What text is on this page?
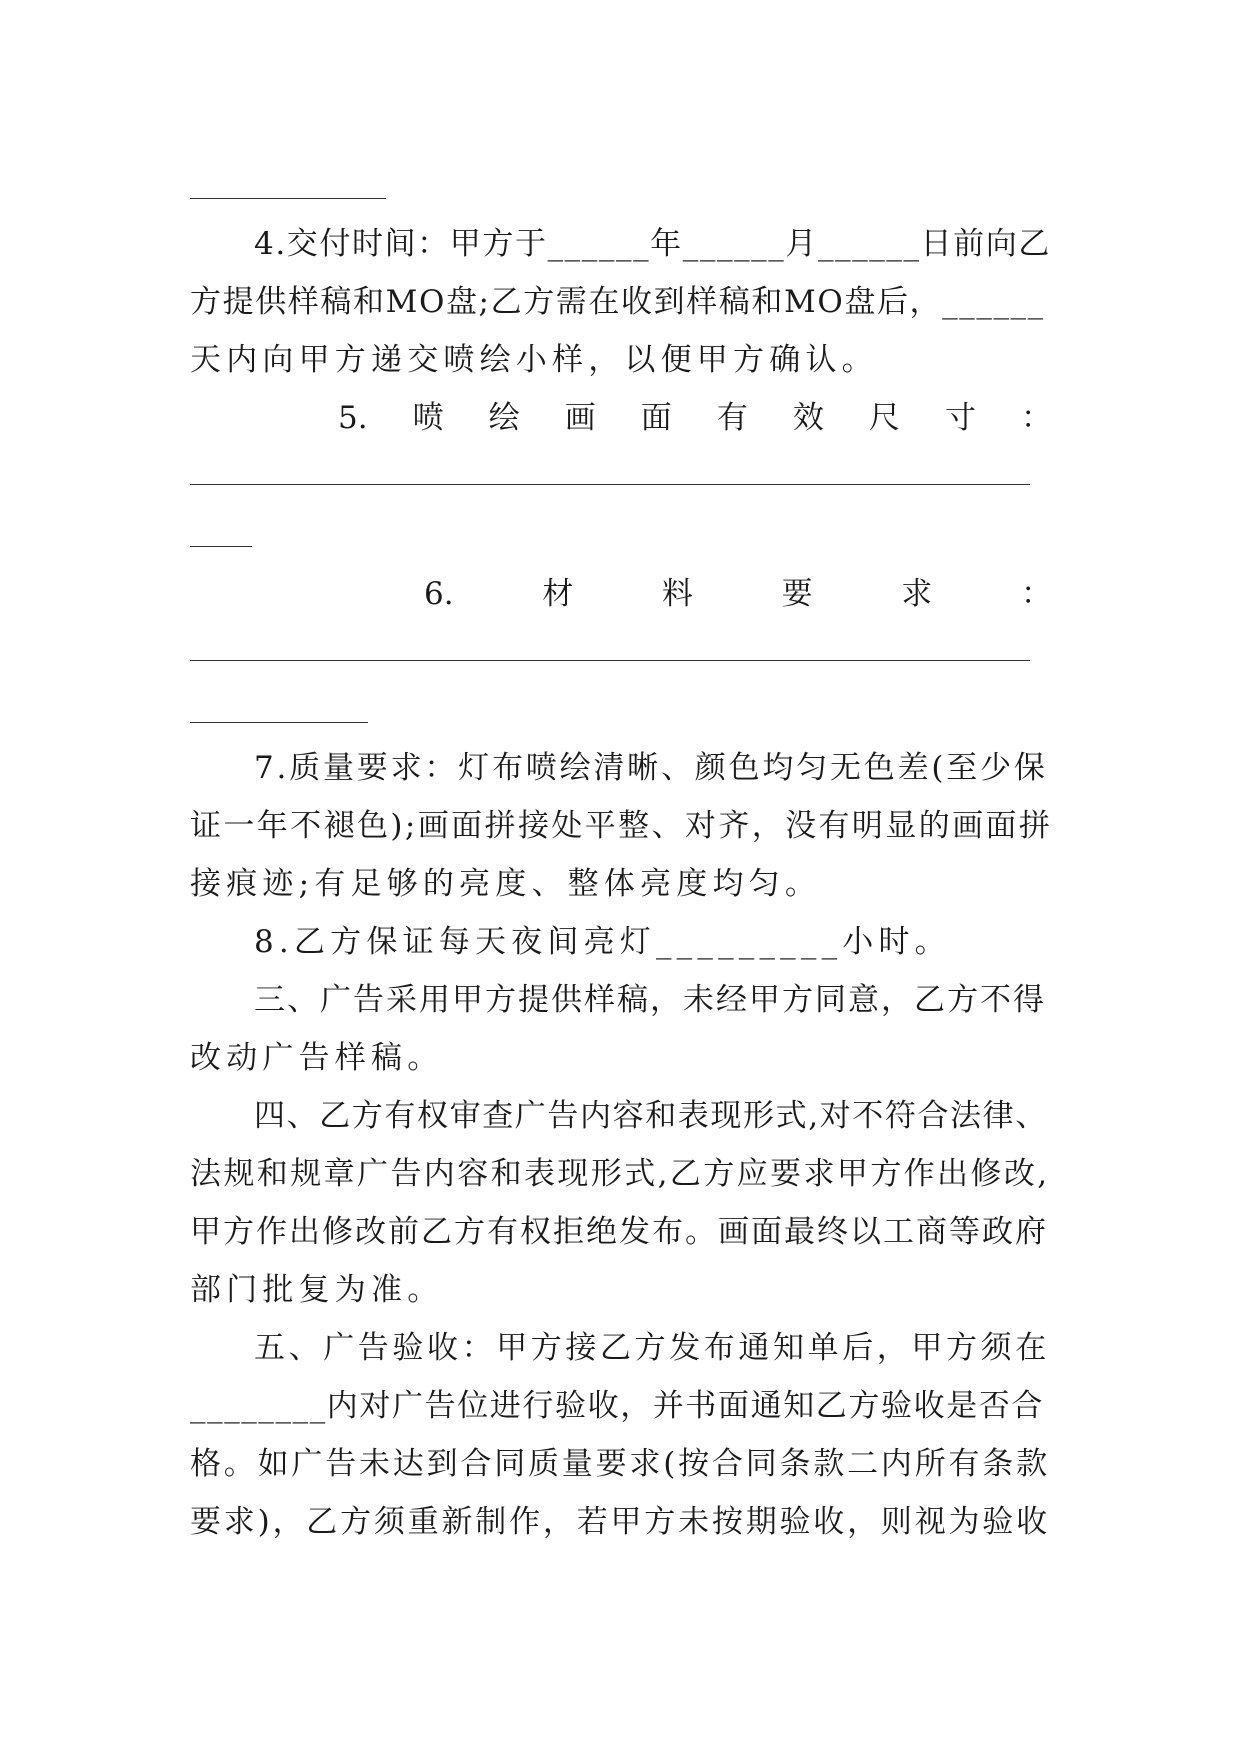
4.交付时间：甲方于______年______月______日前向乙
方提供样稿和MO盘;乙方需在收到样稿和MO盘后，______
天内向甲方递交喷绘小样，以便甲方确认。
5. 喷 绘 画 面 有 效 尺 寸 ：
6.	材	料	要	求	：
7.质量要求：灯布喷绘清晰、颜色均匀无色差(至少保
证一年不褪色);画面拼接处平整、对齐，没有明显的画面拼
接痕迹;有足够的亮度、整体亮度均匀。
8.乙方保证每天夜间亮灯_________小时。
三、广告采用甲方提供样稿，未经甲方同意，乙方不得
改动广告样稿。
四、乙方有权审查广告内容和表现形式,对不符合法律、
法规和规章广告内容和表现形式,乙方应要求甲方作出修改,
甲方作出修改前乙方有权拒绝发布。画面最终以工商等政府
部门批复为准。
五、广告验收：甲方接乙方发布通知单后，甲方须在
________内对广告位进行验收，并书面通知乙方验收是否合
格。如广告未达到合同质量要求(按合同条款二内所有条款
要求)，乙方须重新制作，若甲方未按期验收，则视为验收
